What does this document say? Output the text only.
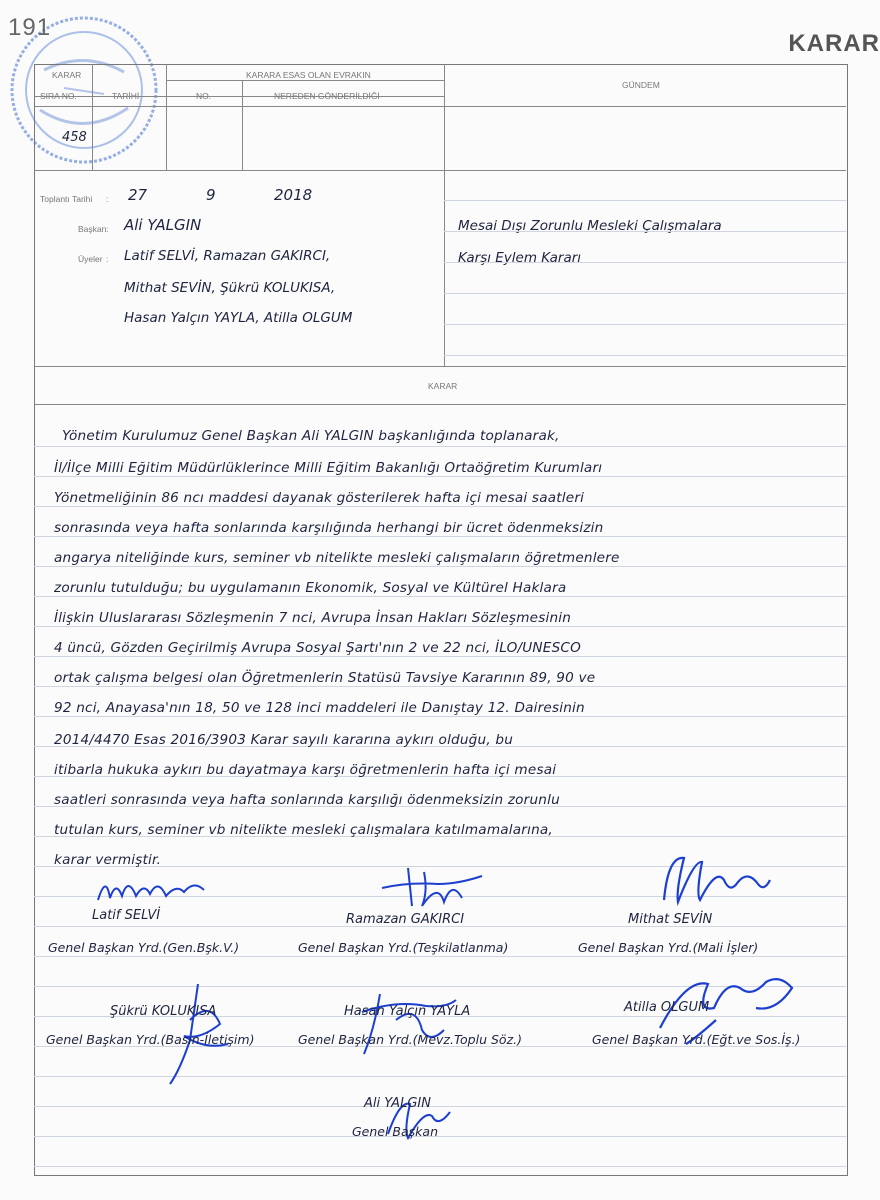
191
KARAR
KARAR
SIRA NO.	TARİHİ
KARARA ESAS OLAN EVRAKIN
NO.	NEREDEN GÖNDERİLDİĞİ
GÜNDEM
458
Toplantı Tarihi : 27	9	2018
Başkan : Ali YALGIN
Üyeler : Latif SELVİ, Ramazan GAKIRCI,
Mithat SEVİN, Şükrü KOLUKISA,
Hasan Yalçın YAYLA, Atilla OLGUM
Mesai Dışı Zorunlu Mesleki Çalışmalara
Karşı Eylem Kararı
KARAR
Yönetim Kurulumuz Genel Başkan Ali YALGIN başkanlığında toplanarak,
İl/İlçe Milli Eğitim Müdürlüklerince Milli Eğitim Bakanlığı Ortaöğretim Kurumları
Yönetmeliğinin 86 ncı maddesi dayanak gösterilerek hafta içi mesai saatleri
sonrasında veya hafta sonlarında karşılığında herhangi bir ücret ödenmeksizin
angarya niteliğinde kurs, seminer vb nitelikte mesleki çalışmaların öğretmenlere
zorunlu tutulduğu; bu uygulamanın Ekonomik, Sosyal ve Kültürel Haklara
İlişkin Uluslararası Sözleşmenin 7 nci, Avrupa İnsan Hakları Sözleşmesinin
4 üncü, Gözden Geçirilmiş Avrupa Sosyal Şartı'nın 2 ve 22 nci, İLO/UNESCO
ortak çalışma belgesi olan Öğretmenlerin Statüsü Tavsiye Kararının 89, 90 ve
92 nci, Anayasa'nın 18, 50 ve 128 inci maddeleri ile Danıştay 12. Dairesinin
2014/4470 Esas 2016/3903 Karar sayılı kararına aykırı olduğu, bu
itibarla hukuka aykırı bu dayatmaya karşı öğretmenlerin hafta içi mesai
saatleri sonrasında veya hafta sonlarında karşılığı ödenmeksizin zorunlu
tutulan kurs, seminer vb nitelikte mesleki çalışmalara katılmamalarına,
karar vermiştir.
Latif SELVİ
Genel Başkan Yrd.(Gen.Bşk.V.)
Ramazan GAKIRCI
Genel Başkan Yrd.(Teşkilatlanma)
Mithat SEVİN
Genel Başkan Yrd.(Mali İşler)
Şükrü KOLUKISA
Genel Başkan Yrd.(Basın-İletişim)
Hasan Yalçın YAYLA
Genel Başkan Yrd.(Mevz.Toplu Söz.)
Atilla OLGUM
Genel Başkan Yrd.(Eğt.ve Sos.İş.)
Ali YALGIN
Genel Başkan
